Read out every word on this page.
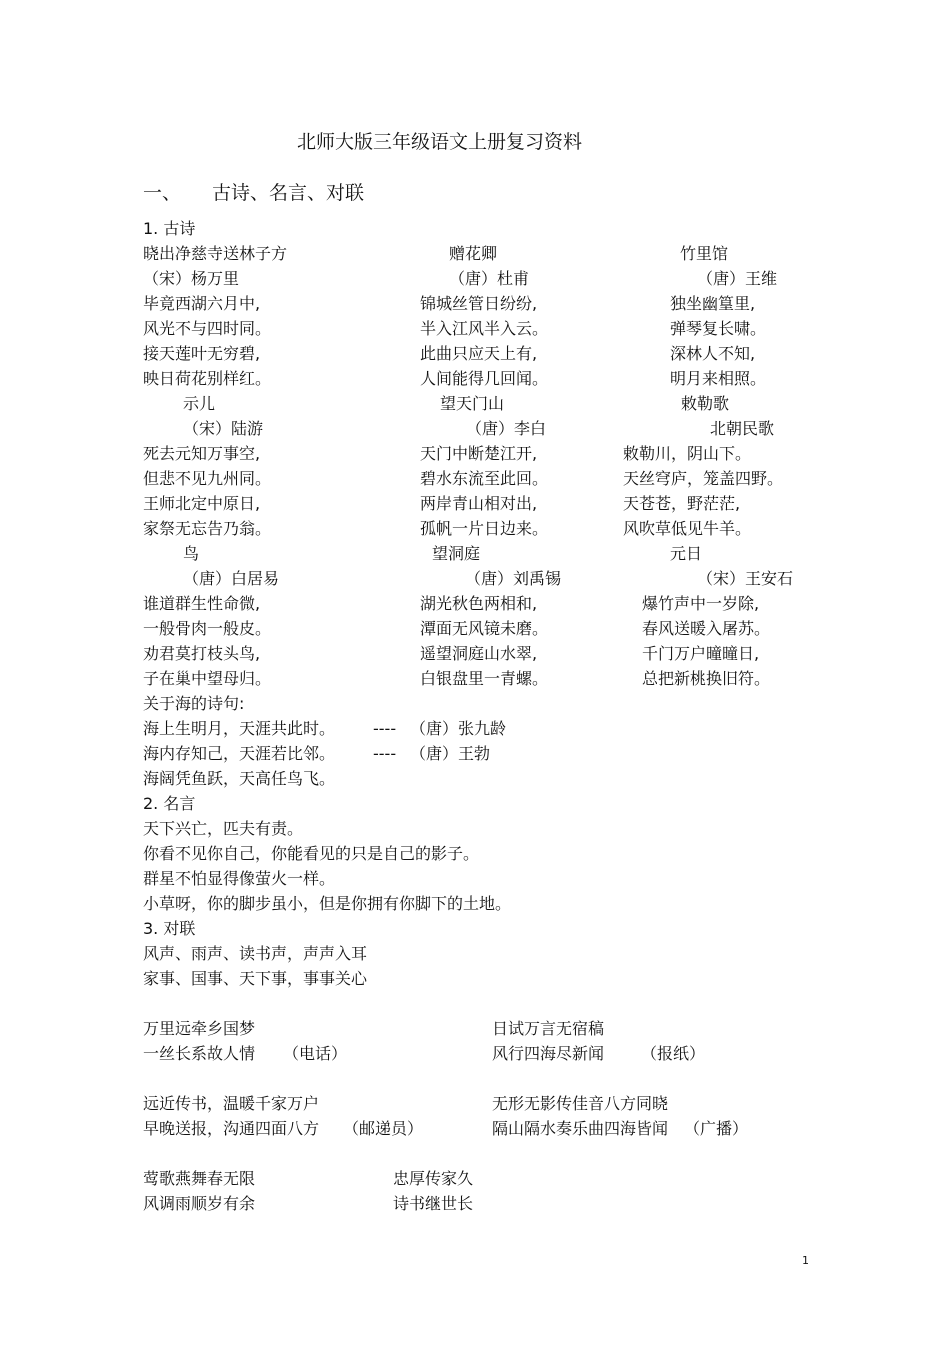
北师大版三年级语文上册复习资料
一、 古诗、名言、对联
1. 古诗
晓出净慈寺送林子方
（宋）杨万里
毕竟西湖六月中,
风光不与四时同。
接天莲叶无穷碧,
映日荷花别样红。
赠花卿
（唐）杜甫
锦城丝管日纷纷,
半入江风半入云。
此曲只应天上有,
人间能得几回闻。
竹里馆
（唐）王维
独坐幽篁里,
弹琴复长啸。
深林人不知,
明月来相照。
示儿
（宋）陆游
死去元知万事空,
但悲不见九州同。
王师北定中原日,
家祭无忘告乃翁。
望天门山
（唐）李白
天门中断楚江开,
碧水东流至此回。
两岸青山相对出,
孤帆一片日边来。
敕勒歌
北朝民歌
敕勒川，阴山下。
天丝穹庐，笼盖四野。
天苍苍，野茫茫,
风吹草低见牛羊。
鸟
（唐）白居易
谁道群生性命微,
一般骨肉一般皮。
劝君莫打枝头鸟,
子在巢中望母归。
望洞庭
（唐）刘禹锡
湖光秋色两相和,
潭面无风镜未磨。
遥望洞庭山水翠,
白银盘里一青螺。
元日
（宋）王安石
爆竹声中一岁除,
春风送暖入屠苏。
千门万户曈曈日,
总把新桃换旧符。
关于海的诗句:
海上生明月，天涯共此时。 ---- （唐）张九龄
海内存知己，天涯若比邻。 ---- （唐）王勃
海阔凭鱼跃，天高任鸟飞。
2. 名言
天下兴亡，匹夫有责。
你看不见你自己，你能看见的只是自己的影子。
群星不怕显得像萤火一样。
小草呀，你的脚步虽小，但是你拥有你脚下的土地。
3. 对联
风声、雨声、读书声，声声入耳
家事、国事、天下事，事事关心
万里远牵乡国梦
一丝长系故人情 （电话）
日试万言无宿稿
风行四海尽新闻 （报纸）
远近传书，温暖千家万户
早晚送报，沟通四面八方 （邮递员）
无形无影传佳音八方同晓
隔山隔水奏乐曲四海皆闻 （广播）
莺歌燕舞春无限
风调雨顺岁有余
忠厚传家久
诗书继世长
1
